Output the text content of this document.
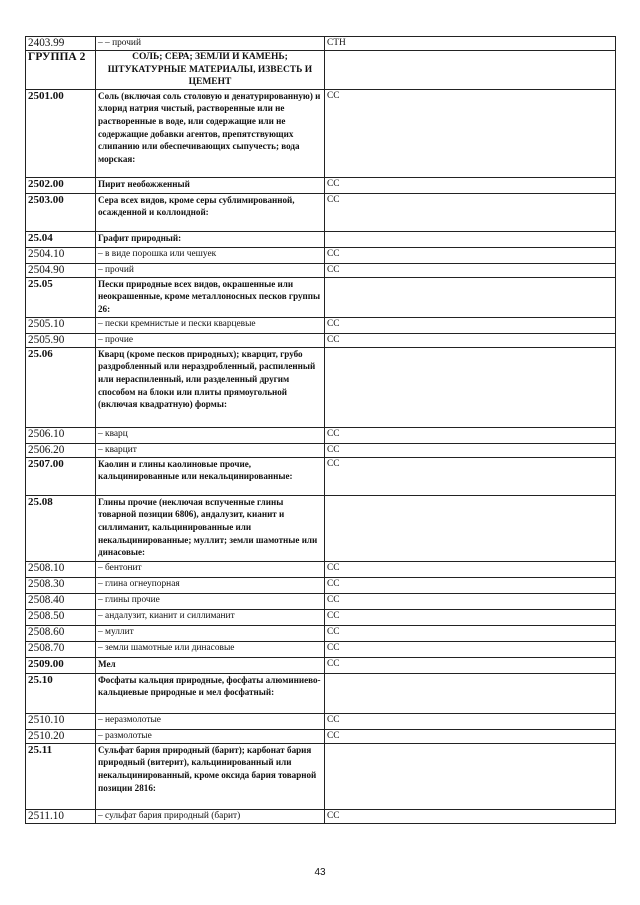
2403.99	– – прочий	СТН
ГРУППА 2	СОЛЬ; СЕРА; ЗЕМЛИ И КАМЕНЬ; ШТУКАТУРНЫЕ МАТЕРИАЛЫ, ИЗВЕСТЬ И ЦЕМЕНТ	
2501.00	Соль (включая соль столовую и денатурированную) и хлорид натрия чистый, растворенные или не растворенные в воде, или содержащие или не содержащие добавки агентов, препятствующих слипанию или обеспечивающих сыпучесть; вода морская:	СС
2502.00	Пирит необожженный	СС
2503.00	Сера всех видов, кроме серы сублимированной, осажденной и коллоидной:	СС
25.04	Графит природный:	
2504.10	– в виде порошка или чешуек	СС
2504.90	– прочий	СС
25.05	Пески природные всех видов, окрашенные или неокрашенные, кроме металлоносных песков группы 26:	
2505.10	– пески кремнистые и пески кварцевые	СС
2505.90	– прочие	СС
25.06	Кварц (кроме песков природных); кварцит, грубо раздробленный или нераздробленный, распиленный или нераспиленный, или разделенный другим способом на блоки или плиты прямоугольной (включая квадратную) формы:	
2506.10	– кварц	СС
2506.20	– кварцит	СС
2507.00	Каолин и глины каолиновые прочие, кальцинированные или некальцинированные:	СС
25.08	Глины прочие (неключая вспученные глины товарной позиции 6806), андалузит, кианит и силлиманит, кальцинированные или некальцинированные; муллит; земли шамотные или динасовые:	
2508.10	– бентонит	СС
2508.30	– глина огнеупорная	СС
2508.40	– глины прочие	СС
2508.50	– андалузит, кианит и силлиманит	СС
2508.60	– муллит	СС
2508.70	– земли шамотные или динасовые	СС
2509.00	Мел	СС
25.10	Фосфаты кальция природные, фосфаты алюминиево-кальциевые природные и мел фосфатный:	
2510.10	– неразмолотые	СС
2510.20	– размолотые	СС
25.11	Сульфат бария природный (барит); карбонат бария природный (витерит), кальцинированный или некальцинированный, кроме оксида бария товарной позиции 2816:	
2511.10	– сульфат бария природный (барит)	СС
43
